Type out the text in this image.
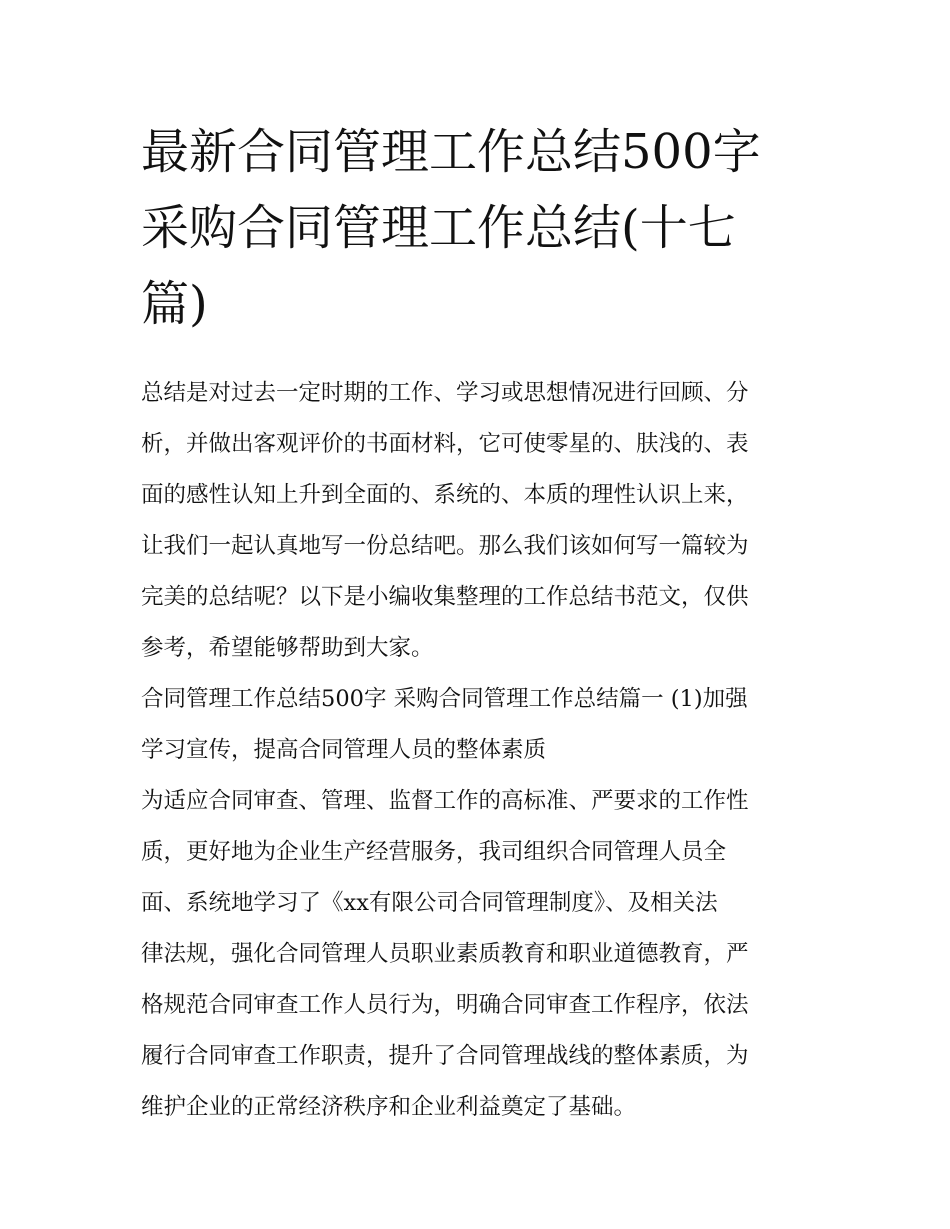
最新合同管理工作总结500字
采购合同管理工作总结(十七
篇)

总结是对过去一定时期的工作、学习或思想情况进行回顾、分
析，并做出客观评价的书面材料，它可使零星的、肤浅的、表
面的感性认知上升到全面的、系统的、本质的理性认识上来，
让我们一起认真地写一份总结吧。那么我们该如何写一篇较为
完美的总结呢？以下是小编收集整理的工作总结书范文，仅供
参考，希望能够帮助到大家。

合同管理工作总结500字 采购合同管理工作总结篇一 (1)加强
学习宣传，提高合同管理人员的整体素质

为适应合同审查、管理、监督工作的高标准、严要求的工作性
质，更好地为企业生产经营服务，我司组织合同管理人员全
面、系统地学习了《xx有限公司合同管理制度》、及相关法
律法规，强化合同管理人员职业素质教育和职业道德教育，严
格规范合同审查工作人员行为，明确合同审查工作程序，依法
履行合同审查工作职责，提升了合同管理战线的整体素质，为
维护企业的正常经济秩序和企业利益奠定了基础。
